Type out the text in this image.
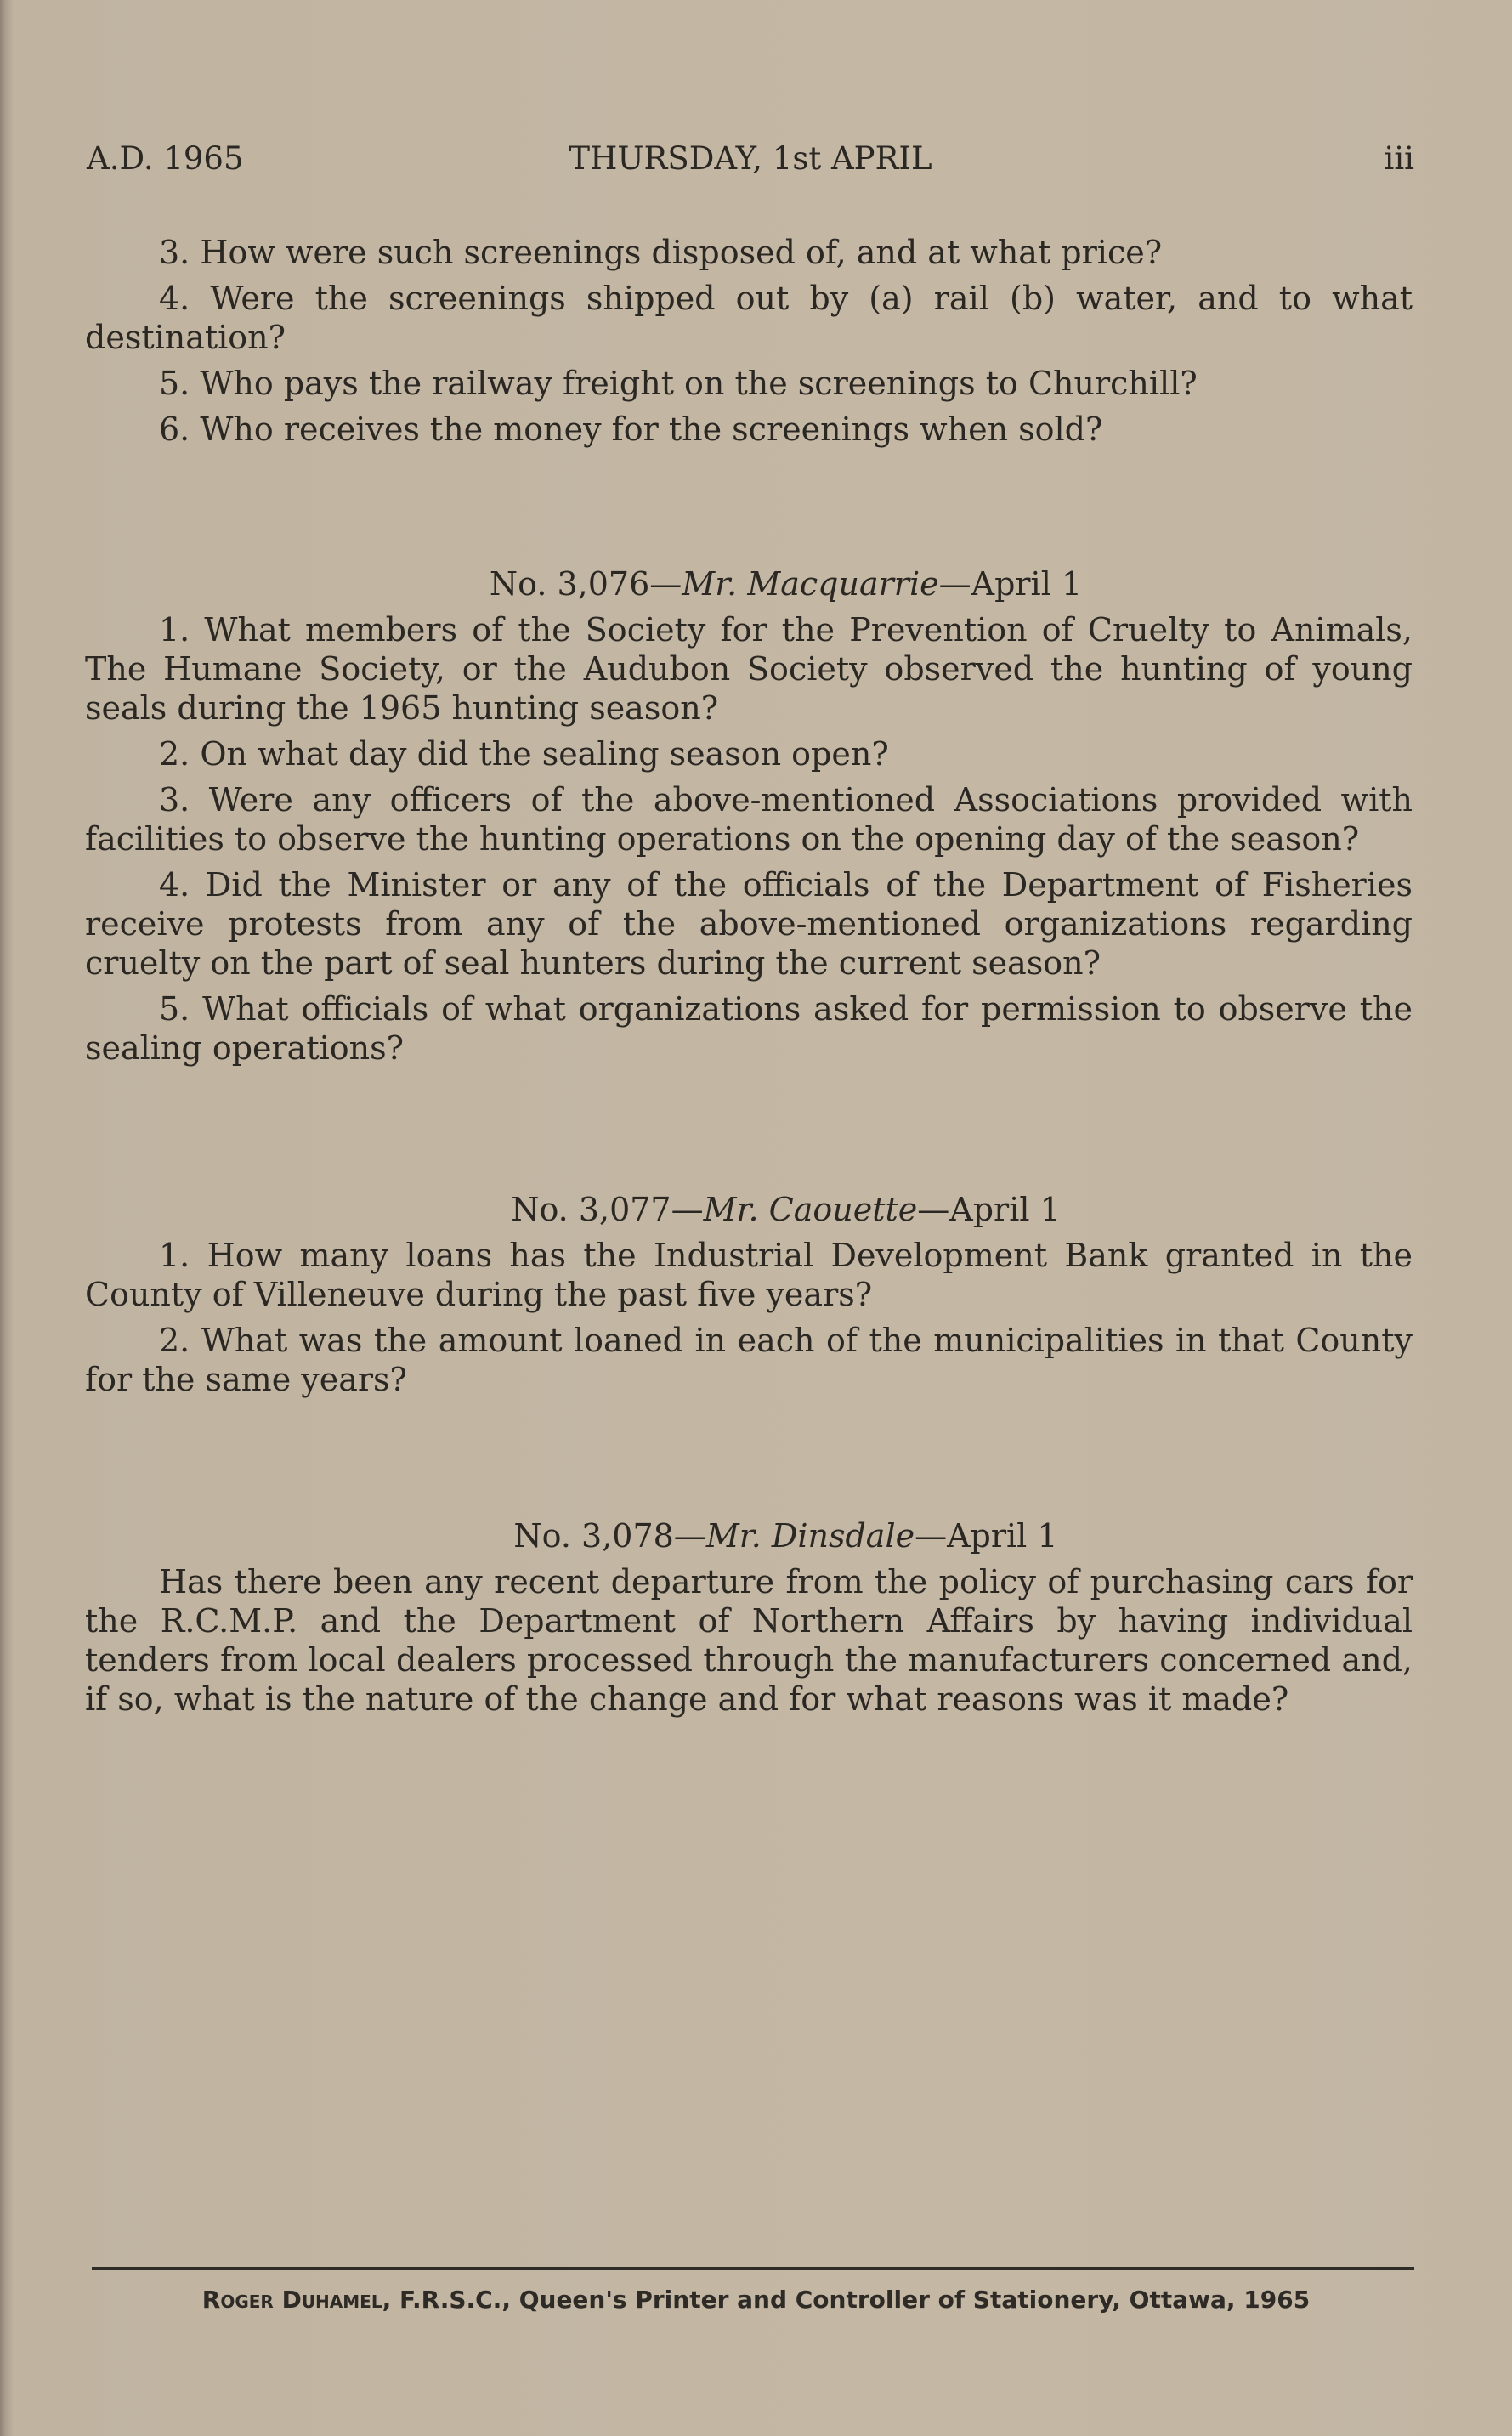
A.D. 1965	THURSDAY, 1st APRIL	iii

3. How were such screenings disposed of, and at what price?

4. Were the screenings shipped out by (a) rail (b) water, and to what destination?

5. Who pays the railway freight on the screenings to Churchill?

6. Who receives the money for the screenings when sold?

No. 3,076—Mr. Macquarrie—April 1

1. What members of the Society for the Prevention of Cruelty to Animals, The Humane Society, or the Audubon Society observed the hunting of young seals during the 1965 hunting season?

2. On what day did the sealing season open?

3. Were any officers of the above-mentioned Associations provided with facilities to observe the hunting operations on the opening day of the season?

4. Did the Minister or any of the officials of the Department of Fisheries receive protests from any of the above-mentioned organizations regarding cruelty on the part of seal hunters during the current season?

5. What officials of what organizations asked for permission to observe the sealing operations?

No. 3,077—Mr. Caouette—April 1

1. How many loans has the Industrial Development Bank granted in the County of Villeneuve during the past five years?

2. What was the amount loaned in each of the municipalities in that County for the same years?

No. 3,078—Mr. Dinsdale—April 1

Has there been any recent departure from the policy of purchasing cars for the R.C.M.P. and the Department of Northern Affairs by having individual tenders from local dealers processed through the manufacturers concerned and, if so, what is the nature of the change and for what reasons was it made?

Roger Duhamel, F.R.S.C., Queen's Printer and Controller of Stationery, Ottawa, 1965
